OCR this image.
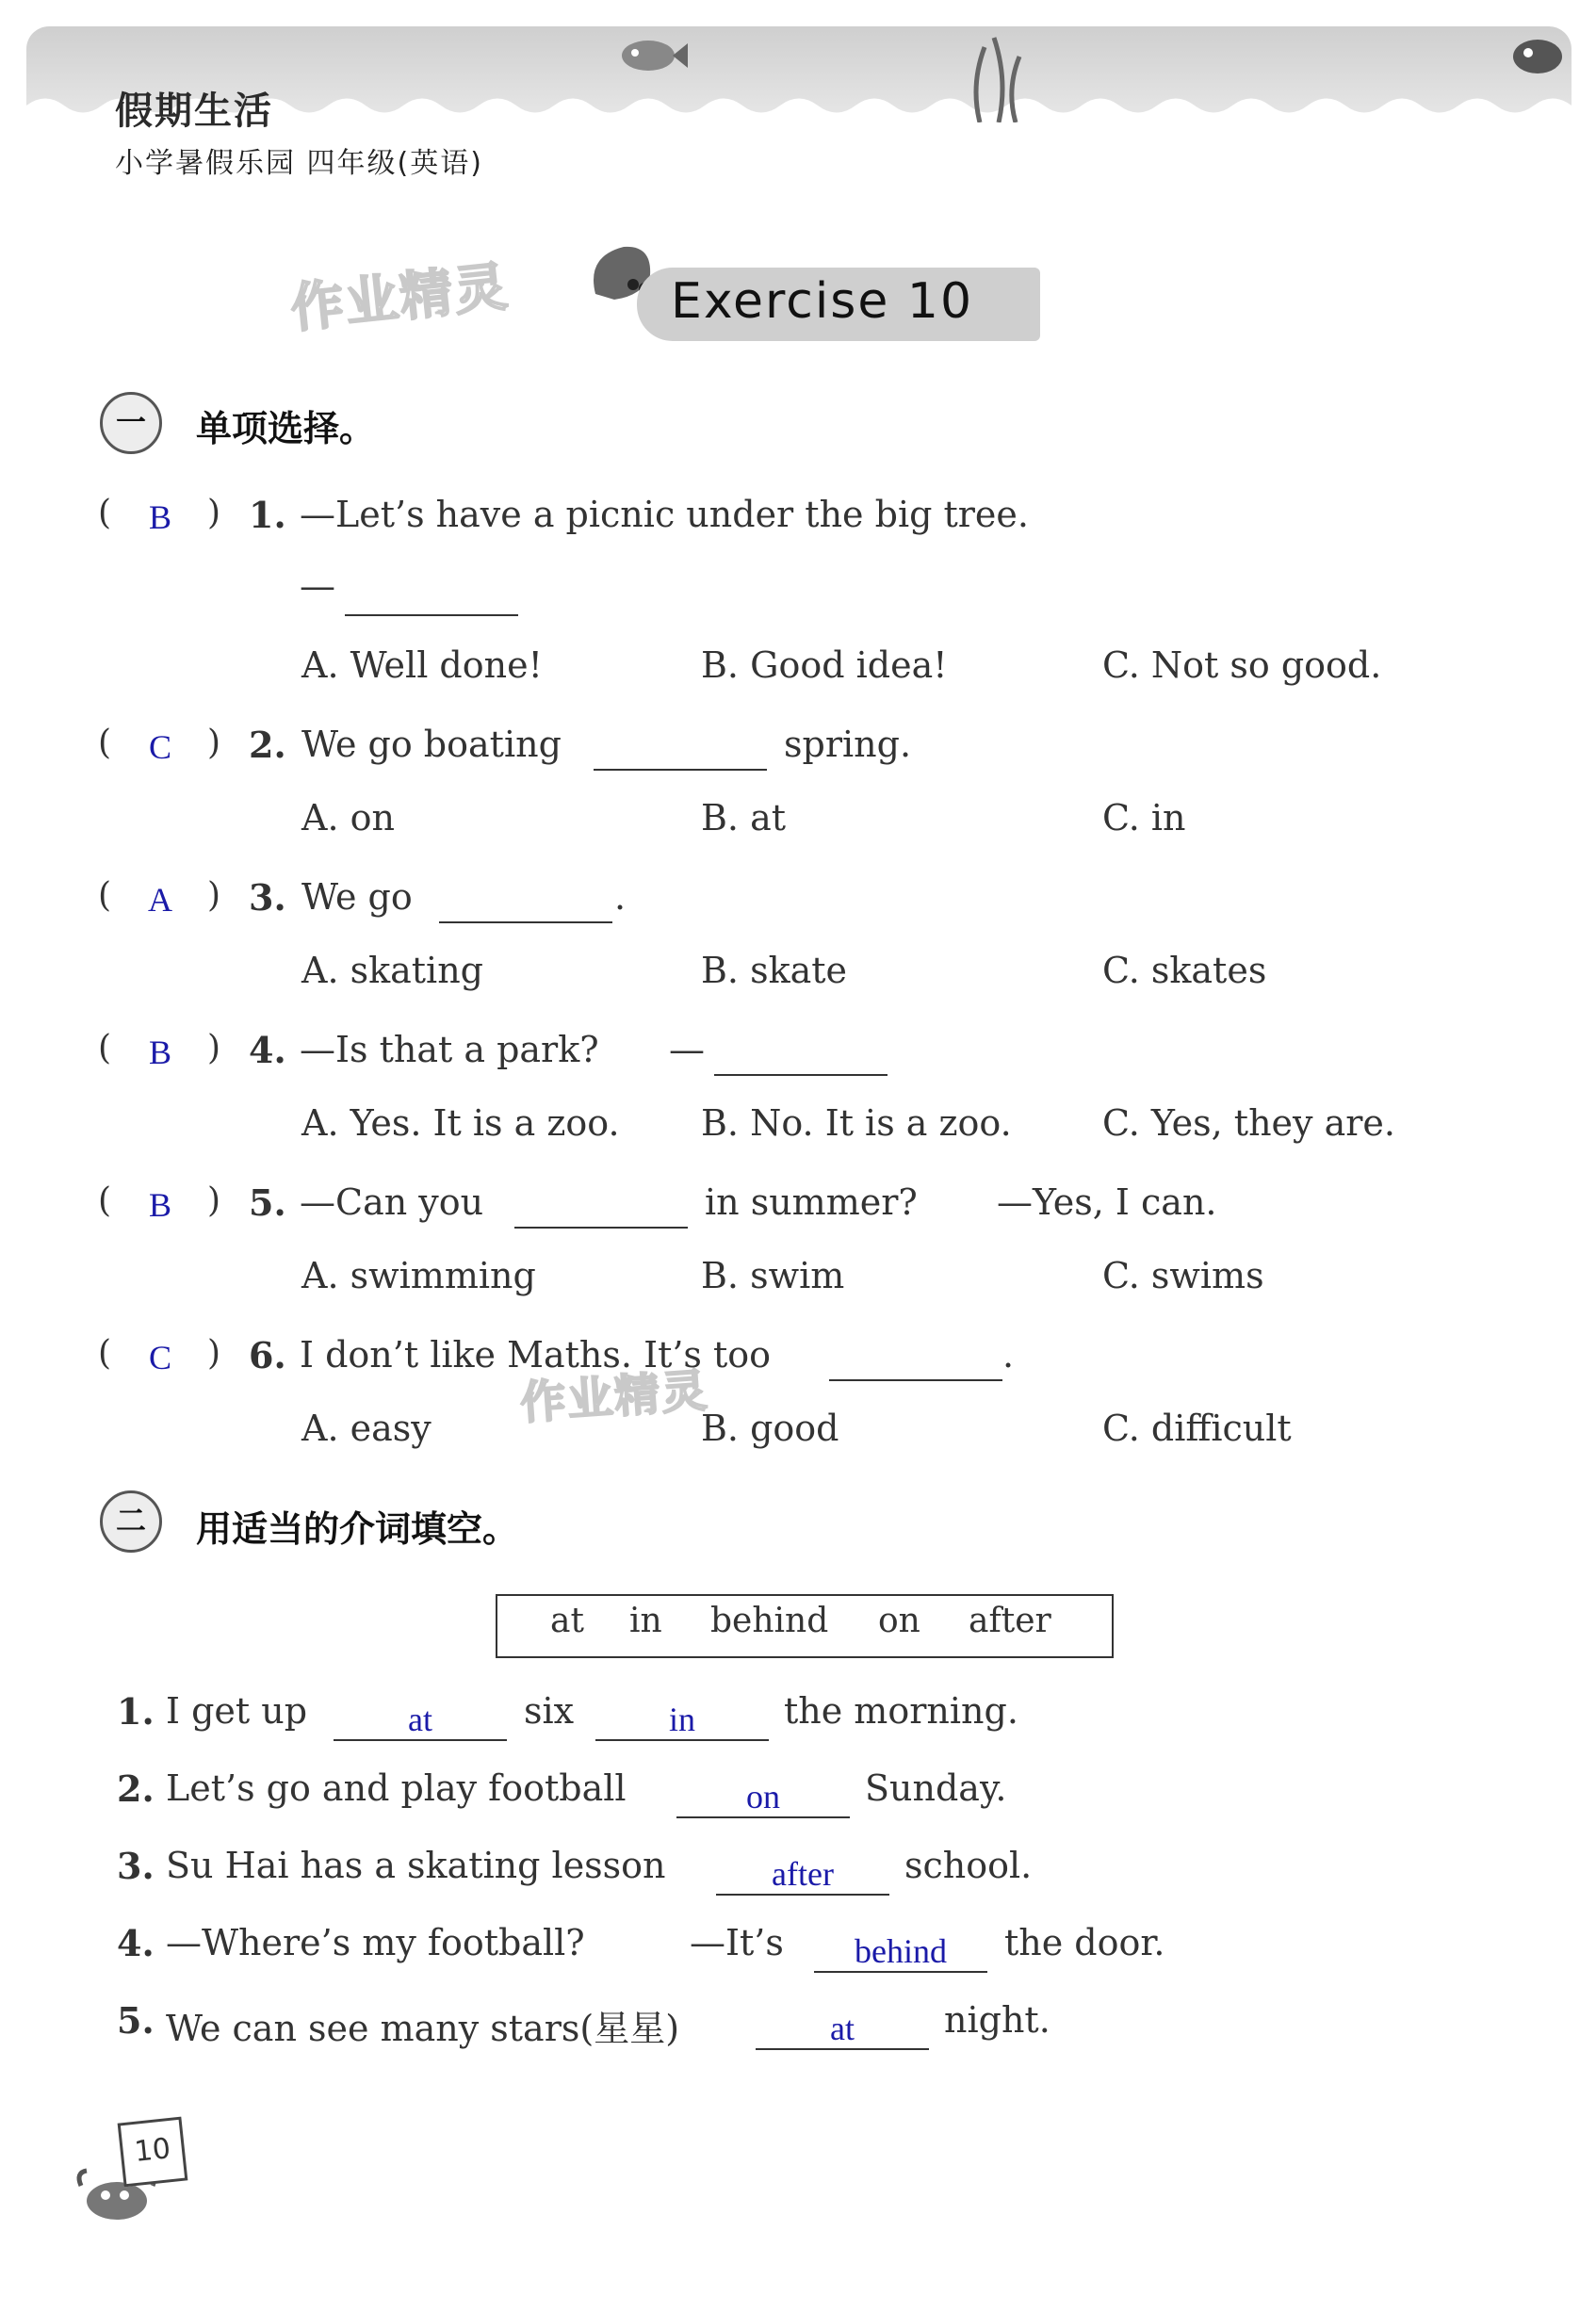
假期生活
小学暑假乐园 四年级(英语)
作业精灵
作业精灵
Exercise 10
一	单项选择。
(	B	) 1. —Let’s have a picnic under the big tree.
—
A. Well done!	B. Good idea!	C. Not so good.
(	C	) 2. We go boating	spring.
A. on	B. at	C. in
(	A	) 3. We go	.
A. skating	B. skate	C. skates
(	B	) 4. —Is that a park? —
A. Yes. It is a zoo. B. No. It is a zoo.	C. Yes, they are.
(	B	) 5. —Can you	in summer? —Yes, I can.
A. swimming	B. swim	C. swims
(	C	) 6. I don’t like Maths. It’s too	.
A. easy	B. good	C. difficult
二	用适当的介词填空。
at in behind on after
1. I get up	at	six	in	the morning.
2. Let’s go and play football	on	Sunday.
3. Su Hai has a skating lesson	after	school.
4. —Where’s my football?	—It’s	behind	the door.
5. We can see many stars(星星)	at	night.
10
